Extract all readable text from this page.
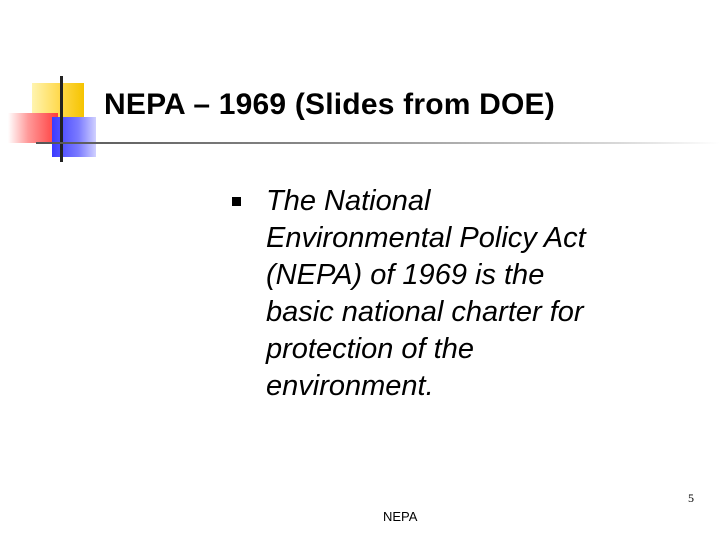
NEPA – 1969 (Slides from DOE)
The National Environmental Policy Act (NEPA) of 1969 is the basic national charter for protection of the environment.
NEPA
5
